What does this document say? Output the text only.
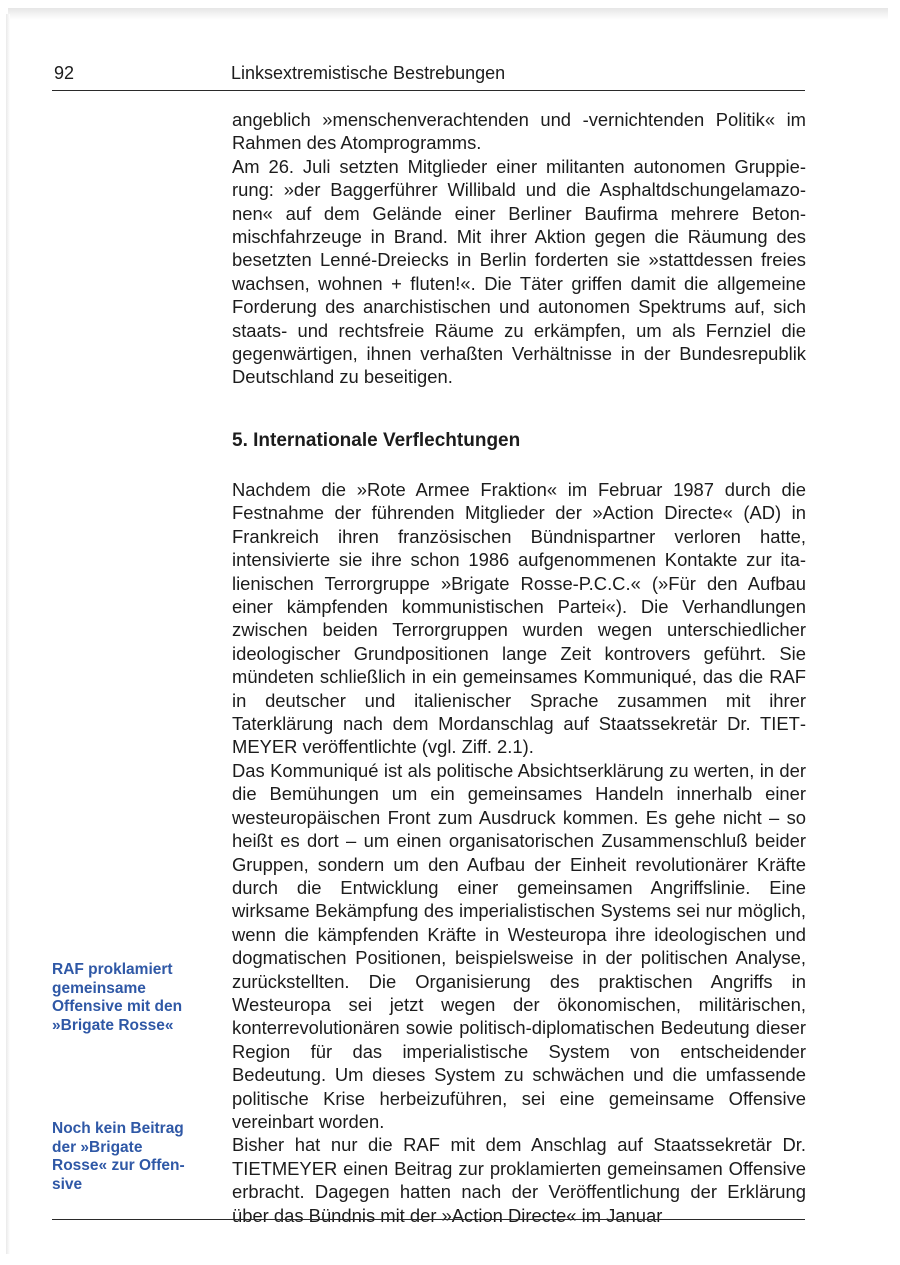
92	Linksextremistische Bestrebungen

angeblich »menschenverachtenden und -vernichtenden Politik« im Rahmen des Atomprogramms.

Am 26. Juli setzten Mitglieder einer militanten autonomen Gruppierung: »der Baggerführer Willibald und die Asphaltdschungelamazonen« auf dem Gelände einer Berliner Baufirma mehrere Betonmischfahrzeuge in Brand. Mit ihrer Aktion gegen die Räumung des besetzten Lenné-Dreiecks in Berlin forderten sie »stattdessen freies wachsen, wohnen + fluten!«. Die Täter griffen damit die allgemeine Forderung des anarchistischen und autonomen Spektrums auf, sich staats- und rechtsfreie Räume zu erkämpfen, um als Fernziel die gegenwärtigen, ihnen verhaßten Verhältnisse in der Bundesrepublik Deutschland zu beseitigen.

5. Internationale Verflechtungen

Nachdem die »Rote Armee Fraktion« im Februar 1987 durch die Festnahme der führenden Mitglieder der »Action Directe« (AD) in Frankreich ihren französischen Bündnispartner verloren hatte, intensivierte sie ihre schon 1986 aufgenommenen Kontakte zur italienischen Terrorgruppe »Brigate Rosse-P.C.C.« (»Für den Aufbau einer kämpfenden kommunistischen Partei«). Die Verhandlungen zwischen beiden Terrorgruppen wurden wegen unterschiedlicher ideologischer Grundpositionen lange Zeit kontrovers geführt. Sie mündeten schließlich in ein gemeinsames Kommuniqué, das die RAF in deutscher und italienischer Sprache zusammen mit ihrer Taterklärung nach dem Mordanschlag auf Staatssekretär Dr. TIETMEYER veröffentlichte (vgl. Ziff. 2.1).

Das Kommuniqué ist als politische Absichtserklärung zu werten, in der die Bemühungen um ein gemeinsames Handeln innerhalb einer westeuropäischen Front zum Ausdruck kommen. Es gehe nicht – so heißt es dort – um einen organisatorischen Zusammenschluß beider Gruppen, sondern um den Aufbau der Einheit revolutionärer Kräfte durch die Entwicklung einer gemeinsamen Angriffslinie. Eine wirksame Bekämpfung des imperialistischen Systems sei nur möglich, wenn die kämpfenden Kräfte in Westeuropa ihre ideologischen und dogmatischen Positionen, beispielsweise in der politischen Analyse, zurückstellten. Die Organisierung des praktischen Angriffs in Westeuropa sei jetzt wegen der ökonomischen, militärischen, konterrevolutionären sowie politisch-diplomatischen Bedeutung dieser Region für das imperialistische System von entscheidender Bedeutung. Um dieses System zu schwächen und die umfassende politische Krise herbeizuführen, sei eine gemeinsame Offensive vereinbart worden.

Bisher hat nur die RAF mit dem Anschlag auf Staatssekretär Dr. TIETMEYER einen Beitrag zur proklamierten gemeinsamen Offensive erbracht. Dagegen hatten nach der Veröffentlichung der Erklärung über das Bündnis mit der »Action Directe« im Januar

RAF proklamiert
gemeinsame
Offensive mit den
»Brigate Rosse«
Noch kein Beitrag
der »Brigate
Rosse« zur Offen-
sive
